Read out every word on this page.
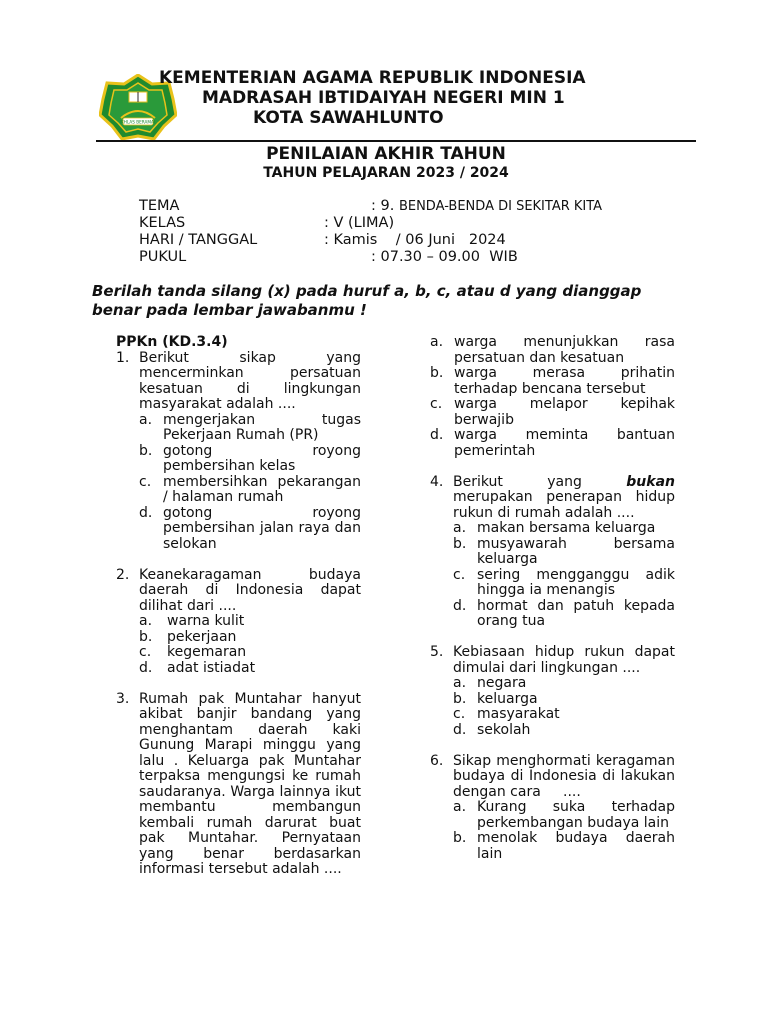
IKHLAS BERAMAL
KEMENTERIAN AGAMA REPUBLIK INDONESIA
MADRASAH IBTIDAIYAH NEGERI MIN 1
KOTA SAWAHLUNTO
PENILAIAN AKHIR TAHUN
TAHUN PELAJARAN 2023 / 2024
TEMA	: 9. BENDA-BENDA DI SEKITAR KITA
KELAS	: V (LIMA)
HARI / TANGGAL	: Kamis    / 06 Juni   2024
PUKUL	: 07.30 – 09.00  WIB
Berilah tanda silang (x) pada huruf a, b, c, atau d yang dianggap benar pada lembar jawabanmu !
PPKn (KD.3.4)
1. Berikut sikap yang mencerminkan persatuan kesatuan di lingkungan masyarakat adalah ....
a. mengerjakan tugas Pekerjaan Rumah (PR)
b. gotong royong pembersihan kelas
c. membersihkan pekarangan / halaman rumah
d. gotong royong pembersihan jalan raya dan selokan
2. Keanekaragaman budaya daerah di Indonesia dapat dilihat dari ....
a. warna kulit
b. pekerjaan
c. kegemaran
d. adat istiadat
3. Rumah pak Muntahar hanyut akibat banjir bandang yang menghantam daerah kaki Gunung Marapi minggu yang lalu . Keluarga pak Muntahar terpaksa mengungsi ke rumah saudaranya. Warga lainnya ikut membantu membangun kembali rumah darurat buat pak Muntahar. Pernyataan yang benar berdasarkan informasi tersebut adalah ....
a. warga menunjukkan rasa persatuan dan kesatuan
b. warga merasa prihatin terhadap bencana tersebut
c. warga melapor kepihak berwajib
d. warga meminta bantuan pemerintah
4. Berikut yang bukan merupakan penerapan hidup rukun di rumah adalah ....
a. makan bersama keluarga
b. musyawarah bersama keluarga
c. sering mengganggu adik hingga ia menangis
d. hormat dan patuh kepada orang tua
5. Kebiasaan hidup rukun dapat dimulai dari lingkungan ....
a. negara
b. keluarga
c. masyarakat
d. sekolah
6. Sikap menghormati keragaman budaya di Indonesia di lakukan dengan cara     ....
a. Kurang suka terhadap perkembangan budaya lain
b. menolak budaya daerah lain
